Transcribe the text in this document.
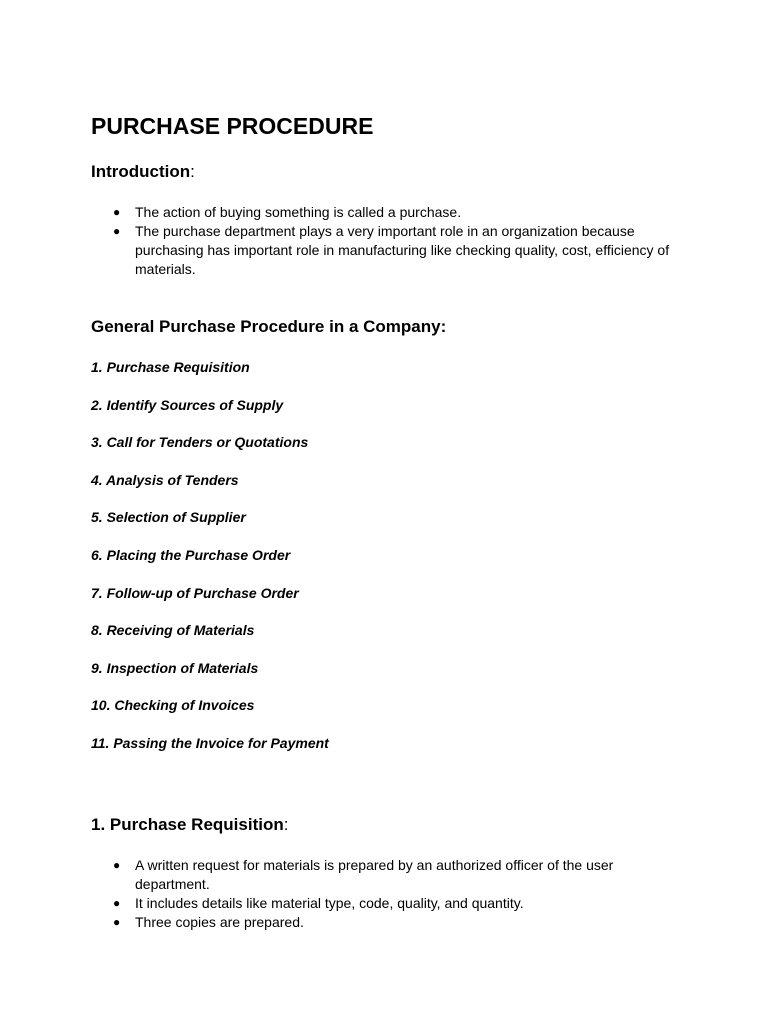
PURCHASE PROCEDURE
Introduction:
● The action of buying something is called a purchase.
● The purchase department plays a very important role in an organization because purchasing has important role in manufacturing like checking quality, cost, efficiency of materials.
General Purchase Procedure in a Company:
1. Purchase Requisition
2. Identify Sources of Supply
3. Call for Tenders or Quotations
4. Analysis of Tenders
5. Selection of Supplier
6. Placing the Purchase Order
7. Follow-up of Purchase Order
8. Receiving of Materials
9. Inspection of Materials
10. Checking of Invoices
11. Passing the Invoice for Payment
1. Purchase Requisition:
● A written request for materials is prepared by an authorized officer of the user department.
● It includes details like material type, code, quality, and quantity.
● Three copies are prepared.
